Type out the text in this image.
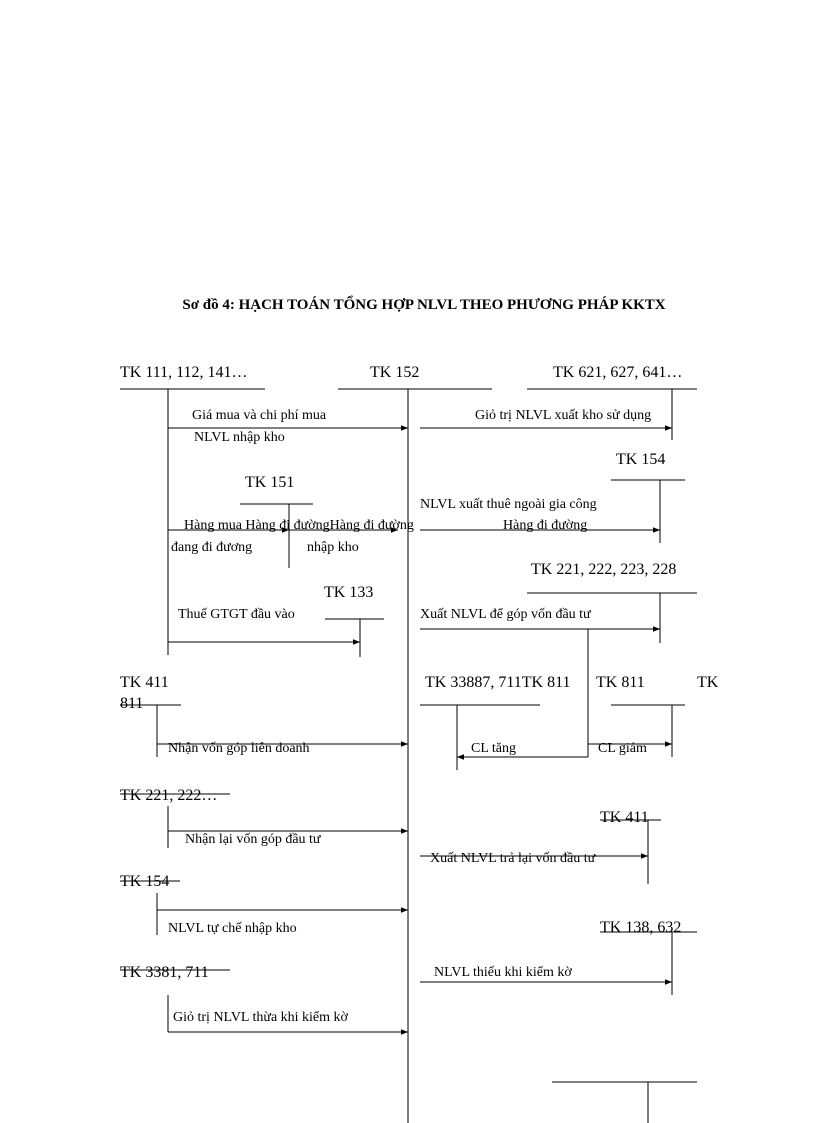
Sơ đồ 4: HẠCH TOÁN TỔNG HỢP NLVL THEO PHƯƠNG PHÁP KKTX
TK 111, 112, 141…	TK 152	TK 621, 627, 641…
Giá mua và chi phí mua
NLVL nhập kho
Giỏ trị NLVL xuất kho sử dụng
TK 154
TK 151
NLVL xuất thuê ngoài gia công
Hàng mua Hàng đi đườngHàng đi đường	Hàng đi đường
đang đi đương	nhập kho
TK 221, 222, 223, 228
TK 133
Thuế GTGT đầu vào	Xuất NLVL để góp vốn đầu tư
TK 411
811
Nhận vốn góp liên doanh
TK 33887, 711TK 811
CL tăng
TK 811	TK
CL giảm
TK 221, 222…
Nhận lại vốn góp đầu tư
TK 411
Xuất NLVL trả lại vốn đầu tư
TK 154
NLVL tự chế nhập kho	TK 138, 632
NLVL thiếu khi kiểm kờ
TK 3381, 711
Giỏ trị NLVL thừa khi kiểm kờ
